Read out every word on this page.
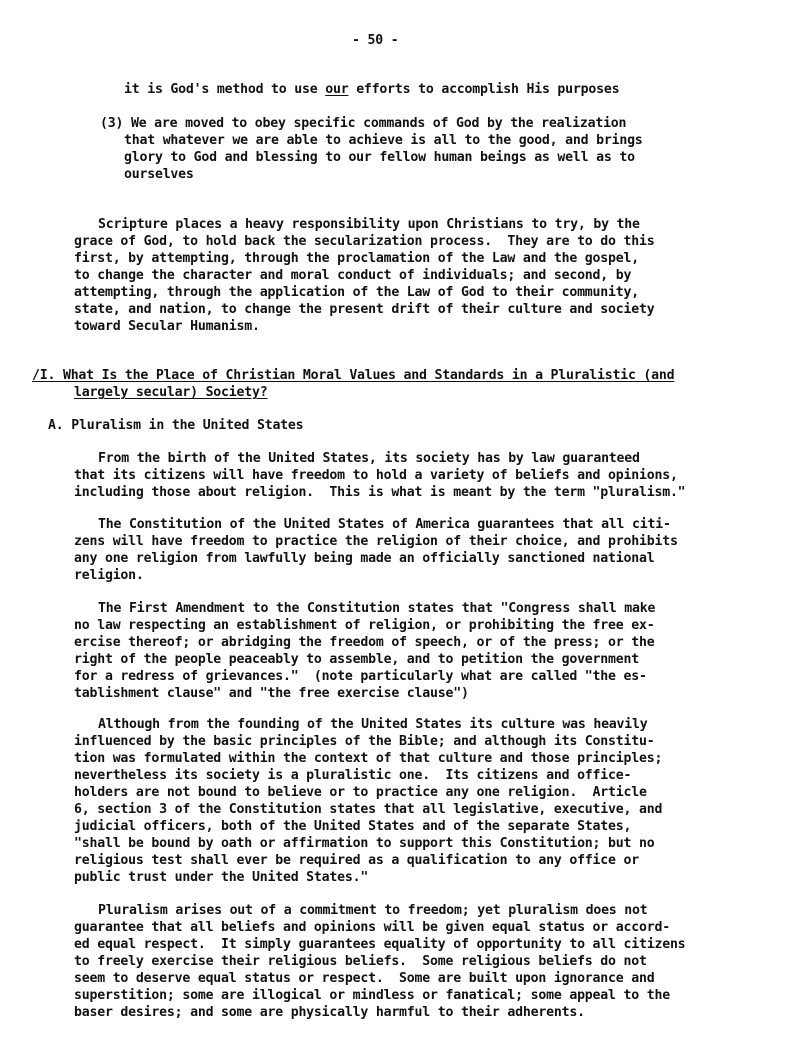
- 50 -
it is God's method to use our efforts to accomplish His purposes
(3) We are moved to obey specific commands of God by the realization
that whatever we are able to achieve is all to the good, and brings
glory to God and blessing to our fellow human beings as well as to
ourselves
Scripture places a heavy responsibility upon Christians to try, by the
grace of God, to hold back the secularization process.  They are to do this
first, by attempting, through the proclamation of the Law and the gospel,
to change the character and moral conduct of individuals; and second, by
attempting, through the application of the Law of God to their community,
state, and nation, to change the present drift of their culture and society
toward Secular Humanism.
/I. What Is the Place of Christian Moral Values and Standards in a Pluralistic (and
largely secular) Society?
A. Pluralism in the United States
From the birth of the United States, its society has by law guaranteed
that its citizens will have freedom to hold a variety of beliefs and opinions,
including those about religion.  This is what is meant by the term "pluralism."
The Constitution of the United States of America guarantees that all citi-
zens will have freedom to practice the religion of their choice, and prohibits
any one religion from lawfully being made an officially sanctioned national
religion.
The First Amendment to the Constitution states that "Congress shall make
no law respecting an establishment of religion, or prohibiting the free ex-
ercise thereof; or abridging the freedom of speech, or of the press; or the
right of the people peaceably to assemble, and to petition the government
for a redress of grievances."  (note particularly what are called "the es-
tablishment clause" and "the free exercise clause")
Although from the founding of the United States its culture was heavily
influenced by the basic principles of the Bible; and although its Constitu-
tion was formulated within the context of that culture and those principles;
nevertheless its society is a pluralistic one.  Its citizens and office-
holders are not bound to believe or to practice any one religion.  Article
6, section 3 of the Constitution states that all legislative, executive, and
judicial officers, both of the United States and of the separate States,
"shall be bound by oath or affirmation to support this Constitution; but no
religious test shall ever be required as a qualification to any office or
public trust under the United States."
Pluralism arises out of a commitment to freedom; yet pluralism does not
guarantee that all beliefs and opinions will be given equal status or accord-
ed equal respect.  It simply guarantees equality of opportunity to all citizens
to freely exercise their religious beliefs.  Some religious beliefs do not
seem to deserve equal status or respect.  Some are built upon ignorance and
superstition; some are illogical or mindless or fanatical; some appeal to the
baser desires; and some are physically harmful to their adherents.
